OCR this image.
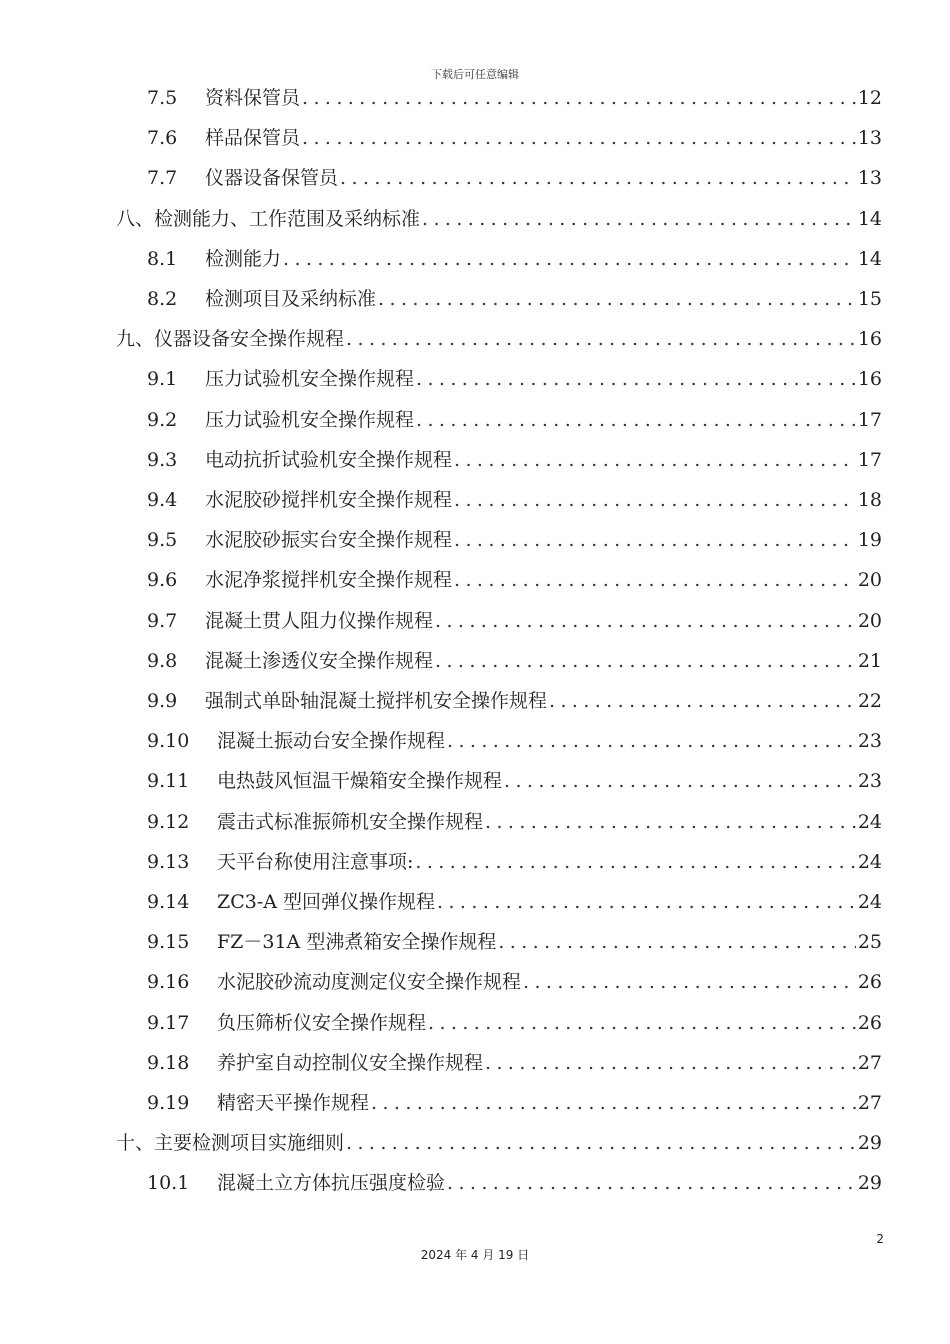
下载后可任意编辑
7.5	资料保管员 .....	12
7.6	样品保管员 .....	13
7.7	仪器设备保管员 .....	13
八、 检测能力、工作范围及采纳标准 .....	14
8.1	检测能力 .....	14
8.2	检测项目及采纳标准 .....	15
九、 仪器设备安全操作规程 .....	16
9.1	压力试验机安全操作规程 .....	16
9.2	压力试验机安全操作规程 .....	17
9.3	电动抗折试验机安全操作规程 .....	17
9.4	水泥胶砂搅拌机安全操作规程 .....	18
9.5	水泥胶砂振实台安全操作规程 .....	19
9.6	水泥净浆搅拌机安全操作规程 .....	20
9.7	混凝土贯人阻力仪操作规程 .....	20
9.8	混凝土渗透仪安全操作规程 .....	21
9.9	强制式单卧轴混凝土搅拌机安全操作规程 .....	22
9.10	混凝土振动台安全操作规程 .....	23
9.11	电热鼓风恒温干燥箱安全操作规程 .....	23
9.12	震击式标准振筛机安全操作规程 .....	24
9.13	天平台称使用注意事项: .....	24
9.14	ZC3-A 型回弹仪操作规程 .....	24
9.15	FZ－31A 型沸煮箱安全操作规程 .....	25
9.16	水泥胶砂流动度测定仪安全操作规程 .....	26
9.17	负压筛析仪安全操作规程 .....	26
9.18	养护室自动控制仪安全操作规程 .....	27
9.19	精密天平操作规程 .....	27
十、 主要检测项目实施细则 .....	29
10.1	混凝土立方体抗压强度检验 .....	29
2
2024 年 4 月 19 日
